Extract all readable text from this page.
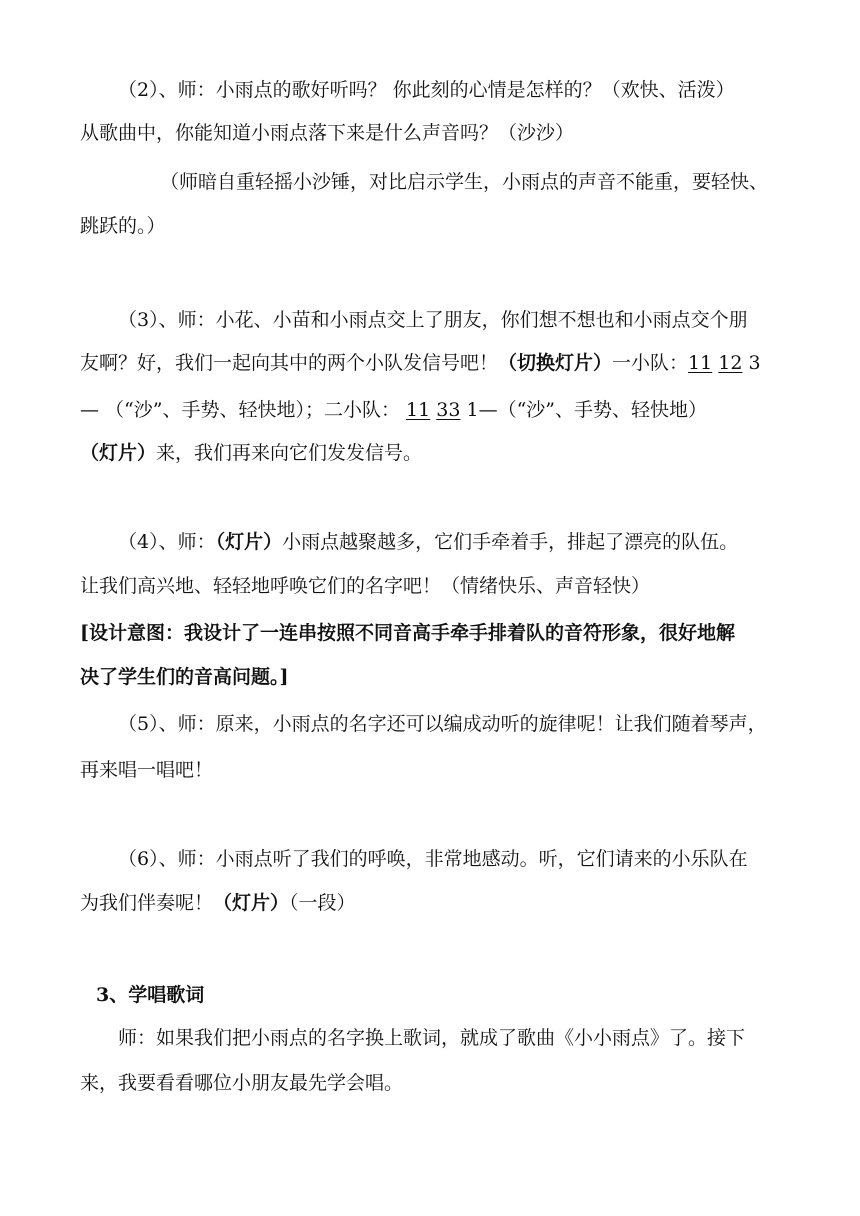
（2）、师：小雨点的歌好听吗？ 你此刻的心情是怎样的？（欢快、活泼）
从歌曲中，你能知道小雨点落下来是什么声音吗？（沙沙）
（师暗自重轻摇小沙锤，对比启示学生，小雨点的声音不能重，要轻快、
跳跃的。）
（3）、师：小花、小苗和小雨点交上了朋友，你们想不想也和小雨点交个朋
友啊？好，我们一起向其中的两个小队发信号吧！（切换灯片）一小队：11 12 3
— （“沙”、手势、轻快地）；二小队： 11 33 1—（“沙”、手势、轻快地）
（灯片）来，我们再来向它们发发信号。
（4）、师：（灯片）小雨点越聚越多，它们手牵着手，排起了漂亮的队伍。
让我们高兴地、轻轻地呼唤它们的名字吧！（情绪快乐、声音轻快）
[设计意图：我设计了一连串按照不同音高手牵手排着队的音符形象，很好地解
决了学生们的音高问题。]
（5）、师：原来，小雨点的名字还可以编成动听的旋律呢！让我们随着琴声，
再来唱一唱吧！
（6）、师：小雨点听了我们的呼唤，非常地感动。听，它们请来的小乐队在
为我们伴奏呢！（灯片）（一段）
3、学唱歌词
师：如果我们把小雨点的名字换上歌词，就成了歌曲《小小雨点》了。接下
来，我要看看哪位小朋友最先学会唱。
